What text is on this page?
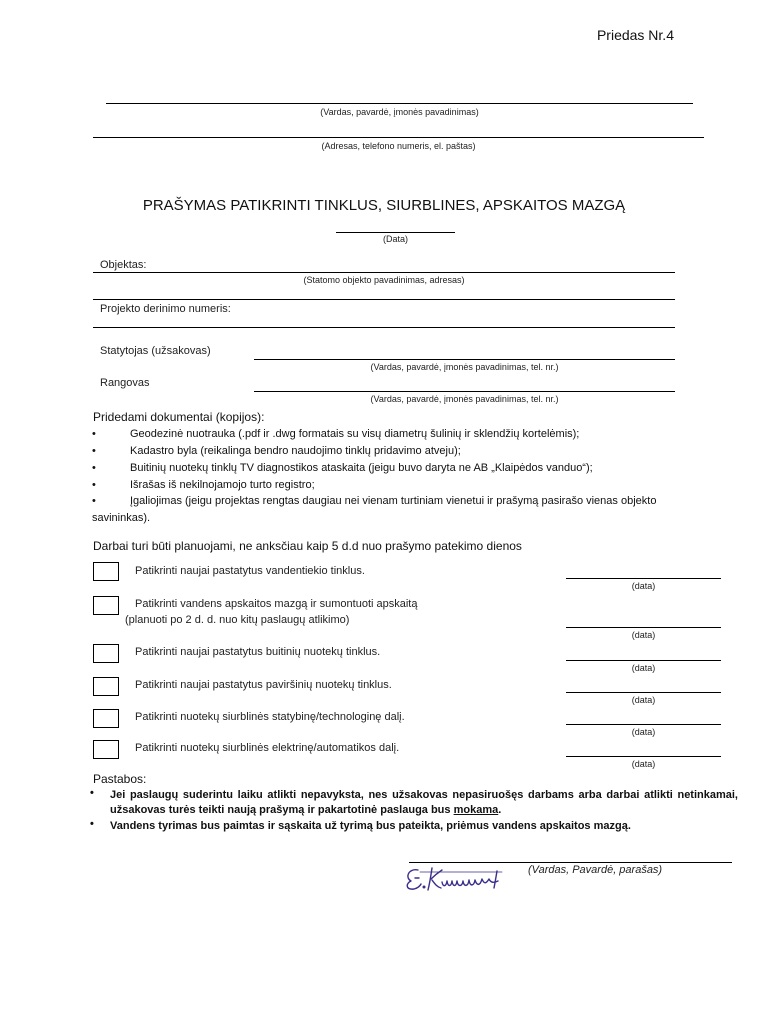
Priedas Nr.4
(Vardas, pavardė, įmonės pavadinimas)
(Adresas, telefono numeris, el. paštas)
PRAŠYMAS PATIKRINTI TINKLUS, SIURBLINES, APSKAITOS MAZGĄ
(Data)
Objektas:
(Statomo objekto pavadinimas, adresas)
Projekto derinimo numeris:
Statytojas (užsakovas)
(Vardas, pavardė, įmonės pavadinimas, tel. nr.)
Rangovas
(Vardas, pavardė, įmonės pavadinimas, tel. nr.)
Pridedami dokumentai (kopijos):
•	Geodezinė nuotrauka (.pdf ir .dwg formatais su visų diametrų šulinių ir sklendžių kortelėmis);
•	Kadastro byla (reikalinga bendro naudojimo tinklų pridavimo atveju);
•	Buitinių nuotekų tinklų TV diagnostikos ataskaita (jeigu buvo daryta ne AB „Klaipėdos vanduo“);
•	Išrašas iš nekilnojamojo turto registro;
•	Įgaliojimas (jeigu projektas rengtas daugiau nei vienam turtiniam vienetui ir prašymą pasirašo vienas objekto savininkas).
Darbai turi būti planuojami, ne anksčiau kaip 5 d.d nuo prašymo patekimo dienos
Patikrinti naujai pastatytus vandentiekio tinklus.
(data)
Patikrinti vandens apskaitos mazgą ir sumontuoti apskaitą
(planuoti po 2 d. d. nuo kitų paslaugų atlikimo)
(data)
Patikrinti naujai pastatytus buitinių nuotekų tinklus.
(data)
Patikrinti naujai pastatytus paviršinių nuotekų tinklus.
(data)
Patikrinti nuotekų siurblinės statybinę/technologinę dalį.
(data)
Patikrinti nuotekų siurblinės elektrinę/automatikos dalį.
(data)
Pastabos:
• Jei paslaugų suderintu laiku atlikti nepavyksta, nes užsakovas nepasiruošęs darbams arba darbai atlikti netinkamai, užsakovas turės teikti naują prašymą ir pakartotinė paslauga bus mokama.
• Vandens tyrimas bus paimtas ir sąskaita už tyrimą bus pateikta, priėmus vandens apskaitos mazgą.
(Vardas, Pavardė, parašas)
